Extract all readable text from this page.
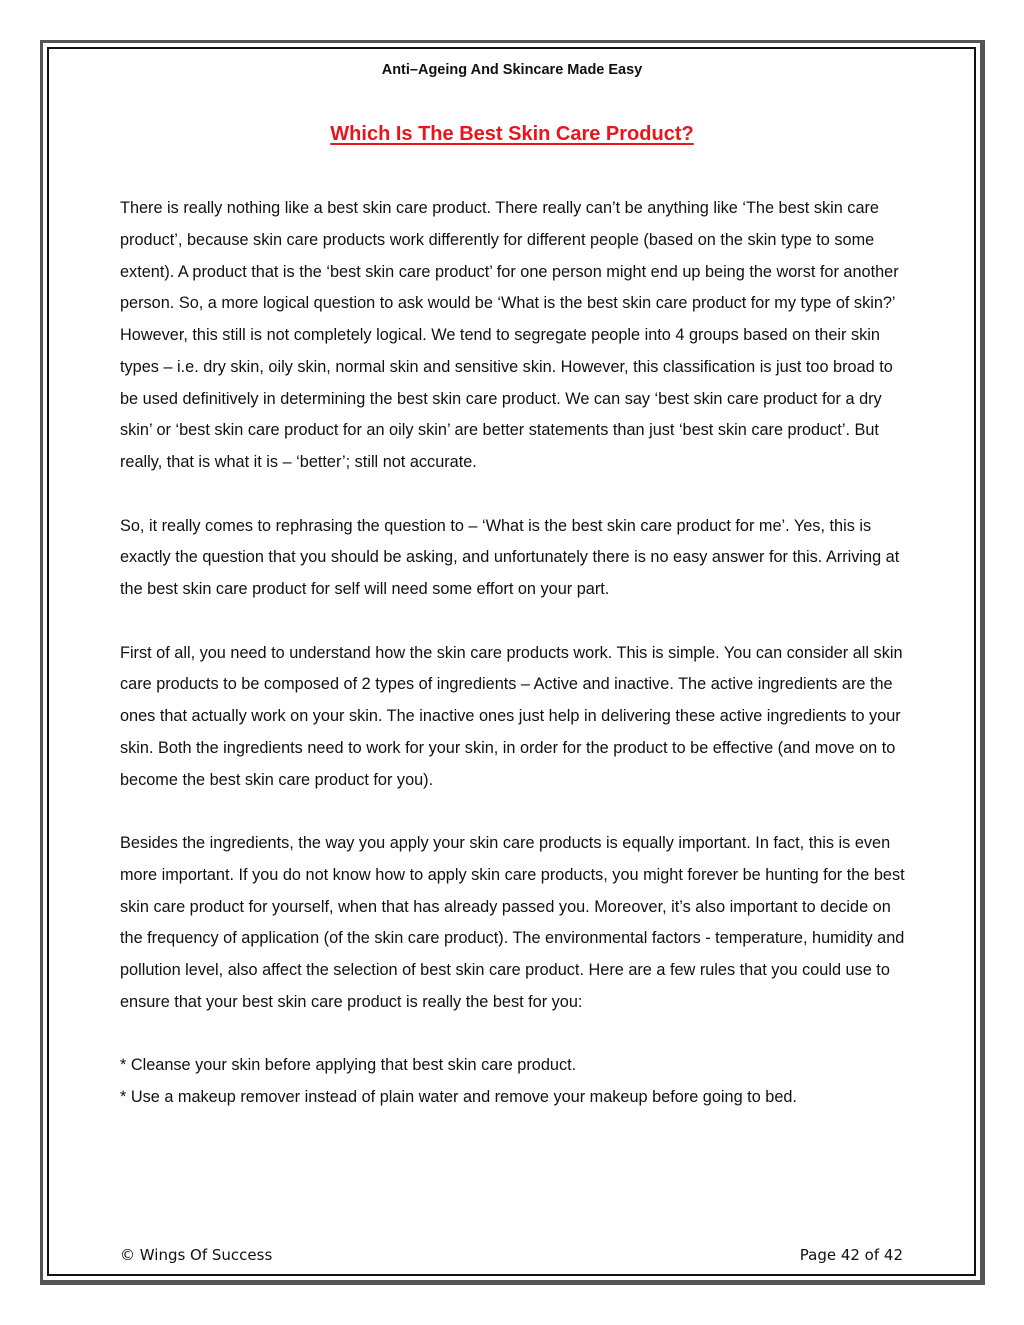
Anti–Ageing And Skincare Made Easy
Which Is The Best Skin Care Product?

There is really nothing like a best skin care product. There really can’t be anything like ‘The best skin care product’, because skin care products work differently for different people (based on the skin type to some extent). A product that is the ‘best skin care product’ for one person might end up being the worst for another person. So, a more logical question to ask would be ‘What is the best skin care product for my type of skin?’ However, this still is not completely logical. We tend to segregate people into 4 groups based on their skin types – i.e. dry skin, oily skin, normal skin and sensitive skin. However, this classification is just too broad to be used definitively in determining the best skin care product. We can say ‘best skin care product for a dry skin’ or ‘best skin care product for an oily skin’ are better statements than just ‘best skin care product’. But really, that is what it is – ‘better’; still not accurate.

So, it really comes to rephrasing the question to – ‘What is the best skin care product for me’. Yes, this is exactly the question that you should be asking, and unfortunately there is no easy answer for this. Arriving at the best skin care product for self will need some effort on your part.

First of all, you need to understand how the skin care products work. This is simple. You can consider all skin care products to be composed of 2 types of ingredients – Active and inactive. The active ingredients are the ones that actually work on your skin. The inactive ones just help in delivering these active ingredients to your skin. Both the ingredients need to work for your skin, in order for the product to be effective (and move on to become the best skin care product for you).

Besides the ingredients, the way you apply your skin care products is equally important. In fact, this is even more important. If you do not know how to apply skin care products, you might forever be hunting for the best skin care product for yourself, when that has already passed you. Moreover, it’s also important to decide on the frequency of application (of the skin care product). The environmental factors - temperature, humidity and pollution level, also affect the selection of best skin care product. Here are a few rules that you could use to ensure that your best skin care product is really the best for you:

* Cleanse your skin before applying that best skin care product.

* Use a makeup remover instead of plain water and remove your makeup before going to bed.

© Wings Of Success	Page 42 of 42
